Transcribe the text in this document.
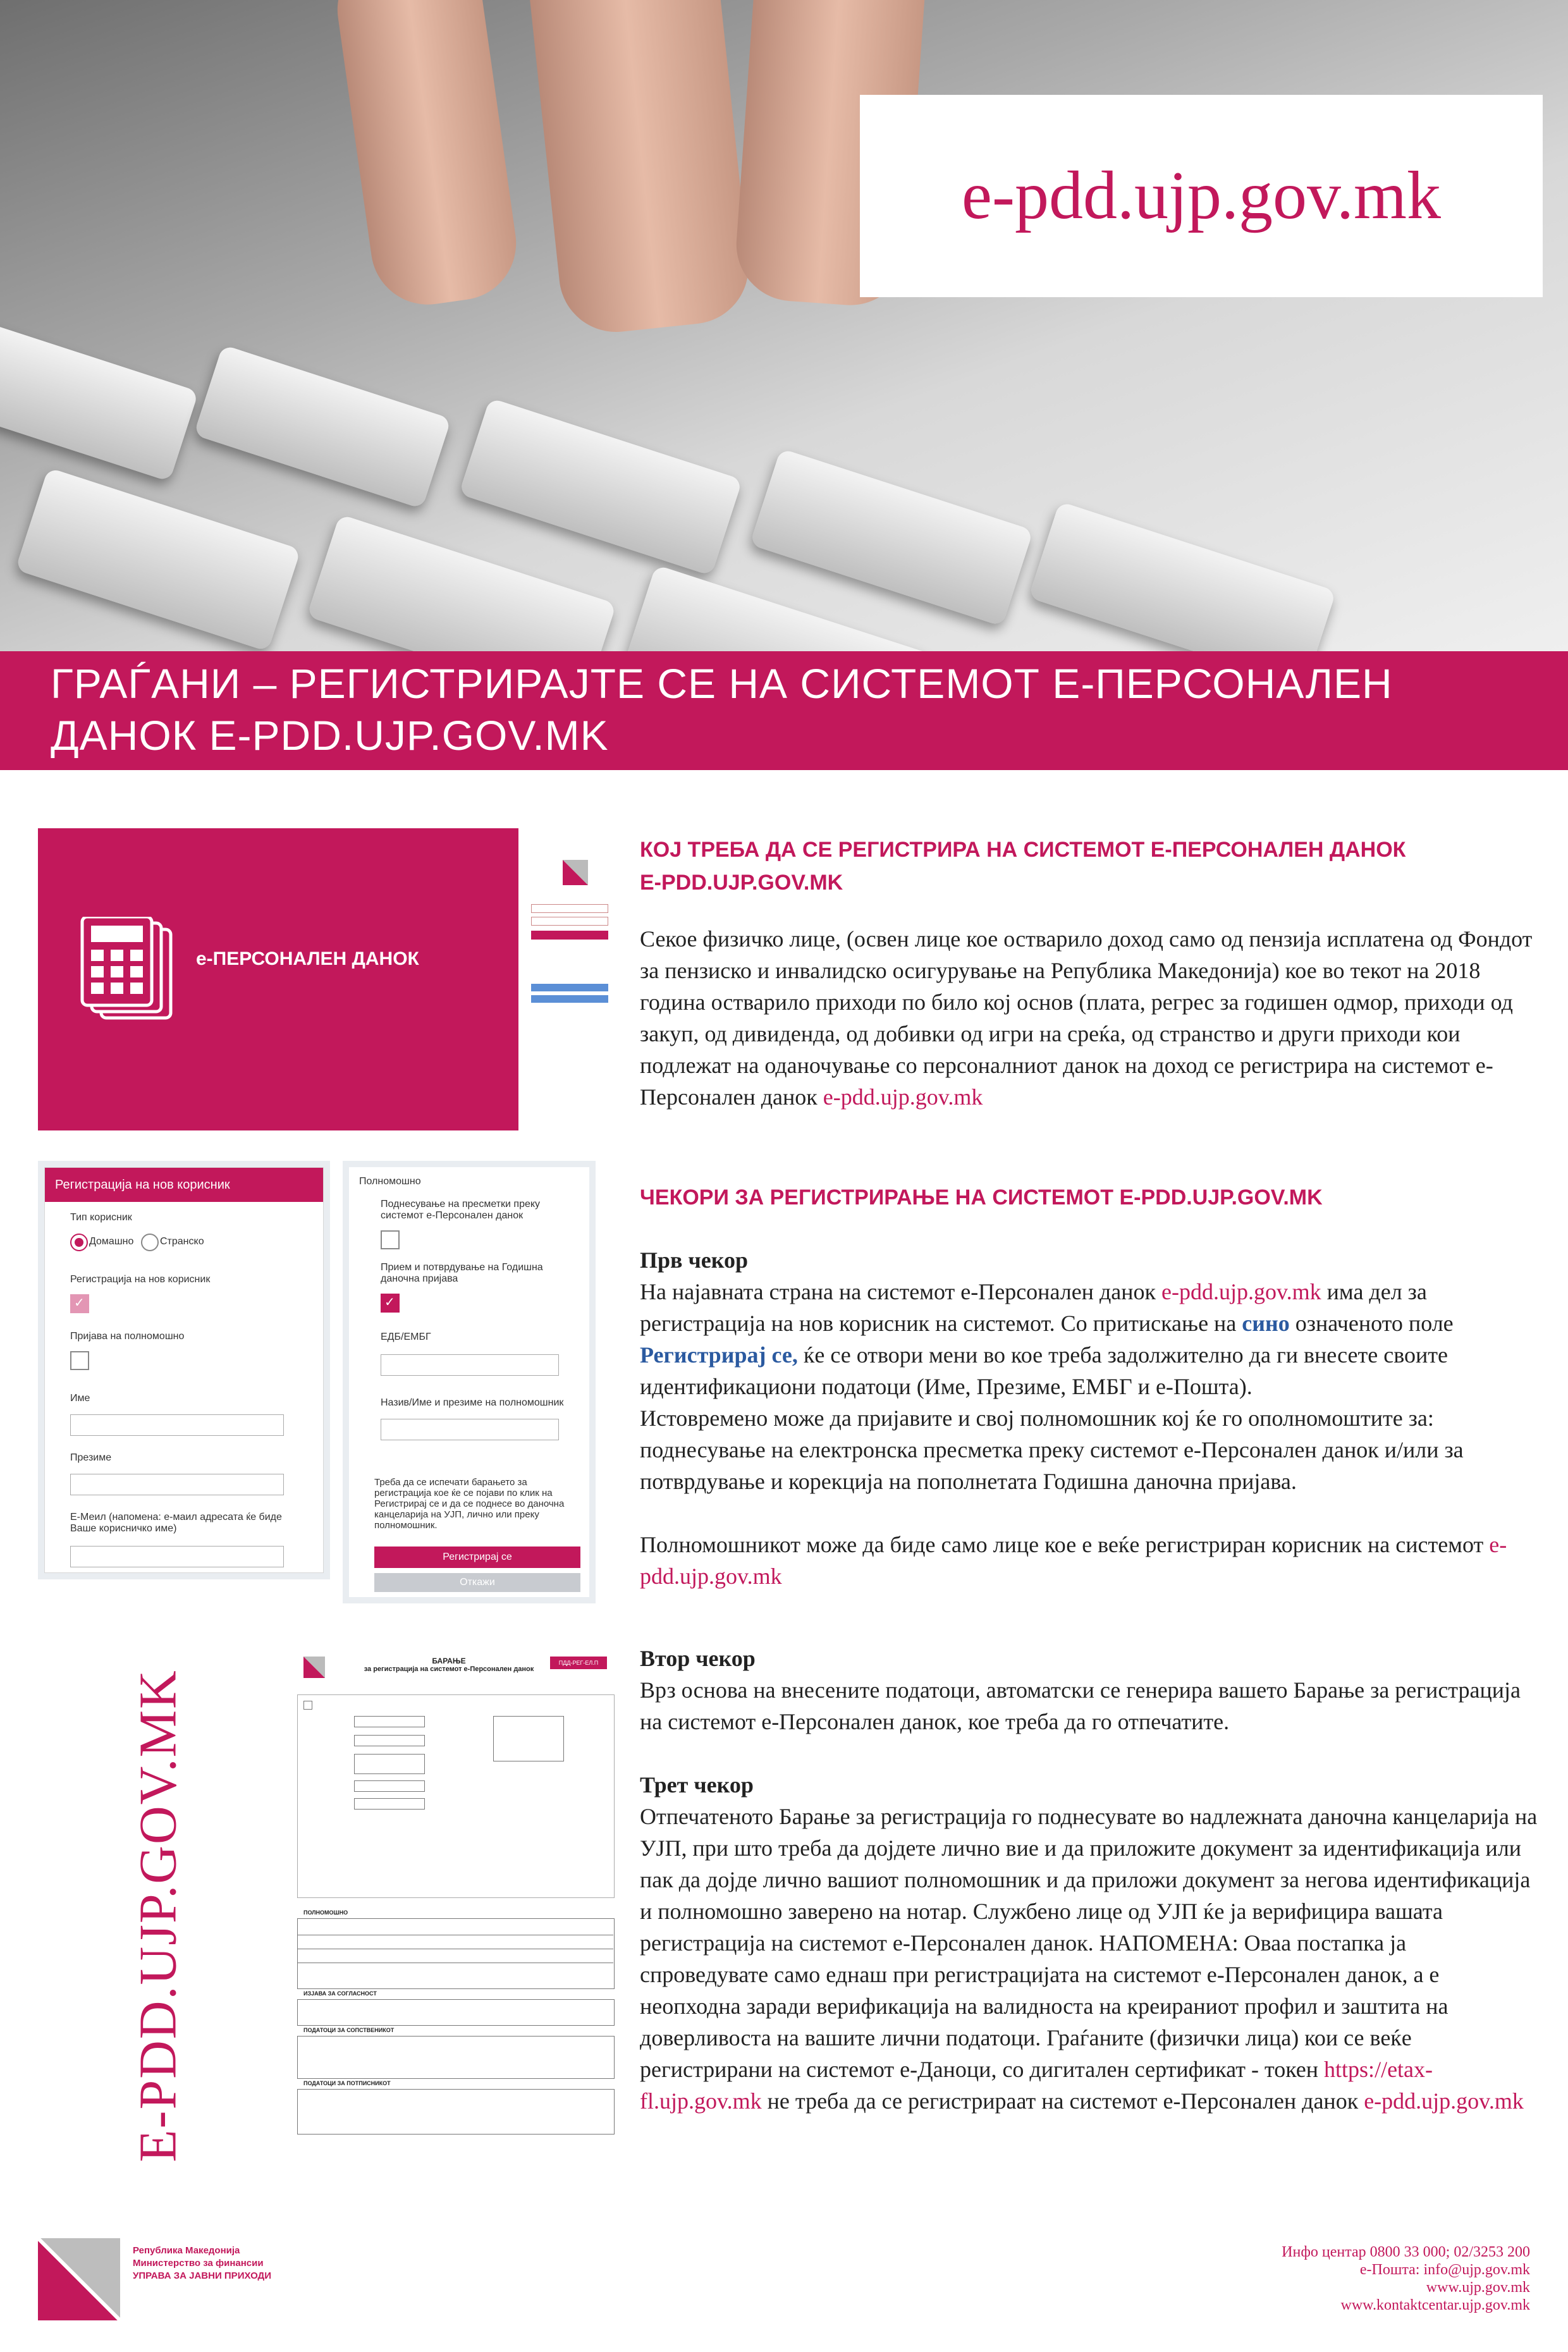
e-pdd.ujp.gov.mk
ГРАЃАНИ – РЕГИСТРИРАЈТЕ СЕ НА СИСТЕМОТ Е-ПЕРСОНАЛЕН
ДАНОК E-PDD.UJP.GOV.MK
е-ПЕРСОНАЛЕН ДАНОК
КОЈ ТРЕБА ДА СЕ РЕГИСТРИРА НА СИСТЕМОТ Е-ПЕРСОНАЛЕН ДАНОК
E-PDD.UJP.GOV.MK
Секое физичко лице, (освен лице кое остварило доход само од пензија исплатена од Фондот за пензиско и инвалидско осигурување на Република Македонија) кое во текот на 2018 година остварило приходи по било кој основ (плата, регрес за годишен одмор, приходи од закуп, од дивиденда, од добивки од игри на среќа, од странство и други приходи кои подлежат на оданочување со персоналниот данок на доход се регистрира на системот е-Персонален данок e-pdd.ujp.gov.mk
Регистрација на нов корисник
Тип корисник
Домашно	Странско
Регистрација на нов корисник
✓
Пријава на полномошно
Име
Презиме
Е-Меил (напомена: е-маил адресата ќе биде Ваше корисничко име)
Полномошно
Поднесување на пресметки преку системот е-Персонален данок
Прием и потврдување на Годишна даночна пријава
✓
ЕДБ/ЕМБГ
Назив/Име и презиме на полномошник
Треба да се испечати барањето за регистрација кое ќе се појави по клик на Регистрирај се и да се поднесе во даночна канцеларија на УЈП, лично или преку полномошник.
Регистрирај се
Откажи
ЧЕКОРИ ЗА РЕГИСТРИРАЊЕ НА СИСТЕМОТ E-PDD.UJP.GOV.MK
Прв чекор
На најавната страна на системот е-Персонален данок e-pdd.ujp.gov.mk има дел за регистрација на нов корисник на системот. Со притискање на сино означеното поле Регистрирај се, ќе се отвори мени во кое треба задолжително да ги внесете своите идентификациони податоци (Име, Презиме, ЕМБГ и е-Пошта).
Истовремено може да пријавите и свој полномошник кој ќе го ополномоштите за: поднесување на електронска пресметка преку системот е-Персонален данок и/или за потврдување и корекција на пополнетата Годишна даночна пријава.
Полномошникот може да биде само лице кое е веќе регистриран корисник на системот e-pdd.ujp.gov.mk
E-PDD.UJP.GOV.MK
БАРАЊЕ
за регистрација на системот е-Персонален данок
ПДД-РЕГ-ЕЛ.П
ПОЛНОМОШНО
ИЗЈАВА ЗА СОГЛАСНОСТ
ПОДАТОЦИ ЗА СОПСТВЕНИКОТ
ПОДАТОЦИ ЗА ПОТПИСНИКОТ
Втор чекор
Врз основа на внесените податоци, автоматски се генерира вашето Барање за регистрација на системот е-Персонален данок, кое треба да го отпечатите.
Трет чекор
Отпечатеното Барање за регистрација го поднесувате во надлежната даночна канцеларија на УЈП, при што треба да дојдете лично вие и да приложите документ за идентификација или пак да дојде лично вашиот полномошник и да приложи документ за негова идентификација и полномошно заверено на нотар. Службено лице од УЈП ќе ја верифицира вашата регистрација на системот е-Персонален данок. НАПОМЕНА: Оваа постапка ја спроведувате само еднаш при регистрацијата на системот е-Персонален данок, а е неопходна заради верификација на валидноста на креираниот профил и заштита на доверливоста на вашите лични податоци. Граѓаните (физички лица) кои се веќе регистрирани на системот е-Даноци, со дигитален сертификат - токен https://etax-fl.ujp.gov.mk не треба да се регистрираат на системот е-Персонален данок e-pdd.ujp.gov.mk
Република Македонија
Министерство за финансии
УПРАВА ЗА ЈАВНИ ПРИХОДИ
Инфо центар 0800 33 000; 02/3253 200
е-Пошта: info@ujp.gov.mk
www.ujp.gov.mk
www.kontaktcentar.ujp.gov.mk
